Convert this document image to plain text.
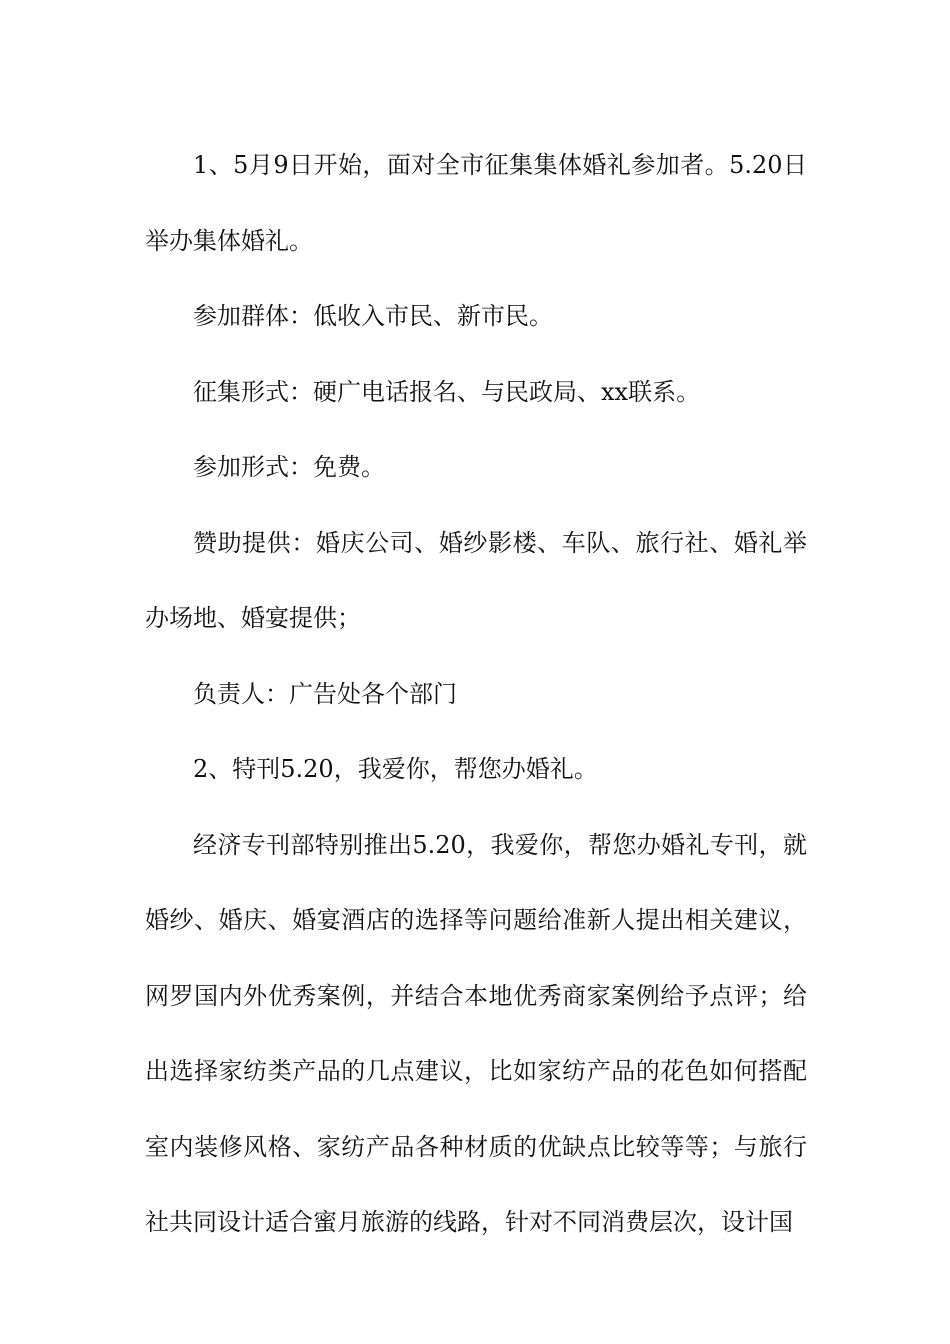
1、5月9日开始，面对全市征集集体婚礼参加者。5.20日举办集体婚礼。

参加群体：低收入市民、新市民。

征集形式：硬广电话报名、与民政局、xx联系。

参加形式：免费。

赞助提供：婚庆公司、婚纱影楼、车队、旅行社、婚礼举办场地、婚宴提供；

负责人：广告处各个部门

2、特刊5.20，我爱你，帮您办婚礼。

经济专刊部特别推出5.20，我爱你，帮您办婚礼专刊，就婚纱、婚庆、婚宴酒店的选择等问题给准新人提出相关建议，网罗国内外优秀案例，并结合本地优秀商家案例给予点评；给出选择家纺类产品的几点建议，比如家纺产品的花色如何搭配室内装修风格、家纺产品各种材质的优缺点比较等等；与旅行社共同设计适合蜜月旅游的线路，针对不同消费层次，设计国
